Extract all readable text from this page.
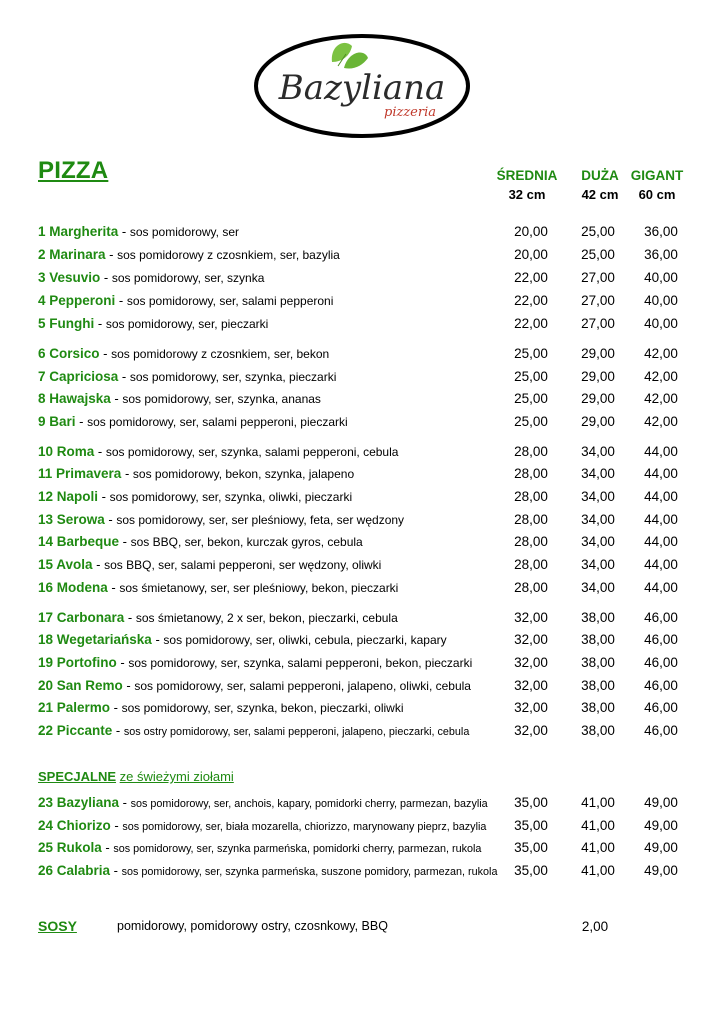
Bazyliana
pizzeria
PIZZA	ŚREDNIA
32 cm
DUŻA
42 cm
GIGANT
60 cm
1 Margherita - sos pomidorowy, ser	20,00	25,00	36,00
2 Marinara - sos pomidorowy z czosnkiem, ser, bazylia	20,00	25,00	36,00
3 Vesuvio - sos pomidorowy, ser, szynka	22,00	27,00	40,00
4 Pepperoni - sos pomidorowy, ser, salami pepperoni	22,00	27,00	40,00
5 Funghi - sos pomidorowy, ser, pieczarki	22,00	27,00	40,00
6 Corsico - sos pomidorowy z czosnkiem, ser, bekon	25,00	29,00	42,00
7 Capriciosa - sos pomidorowy, ser, szynka, pieczarki	25,00	29,00	42,00
8 Hawajska - sos pomidorowy, ser, szynka, ananas	25,00	29,00	42,00
9 Bari - sos pomidorowy, ser, salami pepperoni, pieczarki	25,00	29,00	42,00
10 Roma - sos pomidorowy, ser, szynka, salami pepperoni, cebula	28,00	34,00	44,00
11 Primavera - sos pomidorowy, bekon, szynka, jalapeno	28,00	34,00	44,00
12 Napoli - sos pomidorowy, ser, szynka, oliwki, pieczarki	28,00	34,00	44,00
13 Serowa - sos pomidorowy, ser, ser pleśniowy, feta, ser wędzony	28,00	34,00	44,00
14 Barbeque - sos BBQ, ser, bekon, kurczak gyros, cebula	28,00	34,00	44,00
15 Avola - sos BBQ, ser, salami pepperoni, ser wędzony, oliwki	28,00	34,00	44,00
16 Modena - sos śmietanowy, ser, ser pleśniowy, bekon, pieczarki	28,00	34,00	44,00
17 Carbonara - sos śmietanowy, 2 x ser, bekon, pieczarki, cebula	32,00	38,00	46,00
18 Wegetariańska - sos pomidorowy, ser, oliwki, cebula, pieczarki, kapary	32,00	38,00	46,00
19 Portofino - sos pomidorowy, ser, szynka, salami pepperoni, bekon, pieczarki	32,00	38,00	46,00
20 San Remo - sos pomidorowy, ser, salami pepperoni, jalapeno, oliwki, cebula	32,00	38,00	46,00
21 Palermo - sos pomidorowy, ser, szynka, bekon, pieczarki, oliwki	32,00	38,00	46,00
22 Piccante - sos ostry pomidorowy, ser, salami pepperoni, jalapeno, pieczarki, cebula	32,00	38,00	46,00
SPECJALNE ze świeżymi ziołami
23 Bazyliana - sos pomidorowy, ser, anchois, kapary, pomidorki cherry, parmezan, bazylia	35,00	41,00	49,00
24 Chiorizo - sos pomidorowy, ser, biała mozarella, chiorizzo, marynowany pieprz, bazylia	35,00	41,00	49,00
25 Rukola - sos pomidorowy, ser, szynka parmeńska, pomidorki cherry, parmezan, rukola	35,00	41,00	49,00
26 Calabria - sos pomidorowy, ser, szynka parmeńska, suszone pomidory, parmezan, rukola	35,00	41,00	49,00
SOSY	pomidorowy, pomidorowy ostry, czosnkowy, BBQ	2,00
